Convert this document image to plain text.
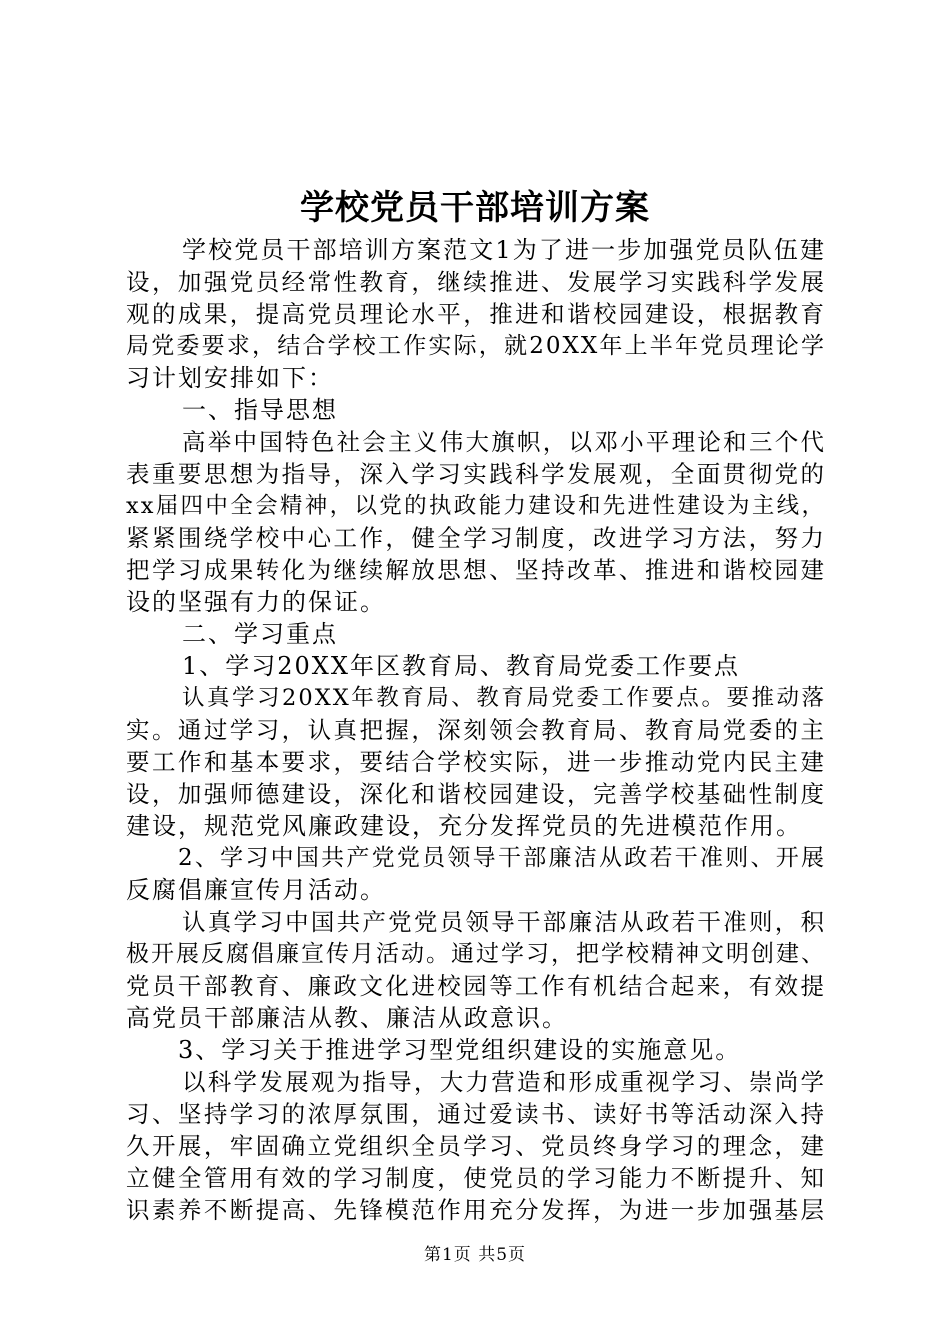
学校党员干部培训方案
学校党员干部培训方案范文1为了进一步加强党员队伍建
设，加强党员经常性教育，继续推进、发展学习实践科学发展
观的成果，提高党员理论水平，推进和谐校园建设，根据教育
局党委要求，结合学校工作实际，就20XX年上半年党员理论学
习计划安排如下：
一、指导思想
高举中国特色社会主义伟大旗帜，以邓小平理论和三个代
表重要思想为指导，深入学习实践科学发展观，全面贯彻党的
xx届四中全会精神，以党的执政能力建设和先进性建设为主线，
紧紧围绕学校中心工作，健全学习制度，改进学习方法，努力
把学习成果转化为继续解放思想、坚持改革、推进和谐校园建
设的坚强有力的保证。
二、学习重点
1、学习20XX年区教育局、教育局党委工作要点
认真学习20XX年教育局、教育局党委工作要点。要推动落
实。通过学习，认真把握，深刻领会教育局、教育局党委的主
要工作和基本要求，要结合学校实际，进一步推动党内民主建
设，加强师德建设，深化和谐校园建设，完善学校基础性制度
建设，规范党风廉政建设，充分发挥党员的先进模范作用。
2、学习中国共产党党员领导干部廉洁从政若干准则、开展
反腐倡廉宣传月活动。
认真学习中国共产党党员领导干部廉洁从政若干准则，积
极开展反腐倡廉宣传月活动。通过学习，把学校精神文明创建、
党员干部教育、廉政文化进校园等工作有机结合起来，有效提
高党员干部廉洁从教、廉洁从政意识。
3、学习关于推进学习型党组织建设的实施意见。
以科学发展观为指导，大力营造和形成重视学习、崇尚学
习、坚持学习的浓厚氛围，通过爱读书、读好书等活动深入持
久开展，牢固确立党组织全员学习、党员终身学习的理念，建
立健全管用有效的学习制度，使党员的学习能力不断提升、知
识素养不断提高、先锋模范作用充分发挥，为进一步加强基层
第1页 共5页
